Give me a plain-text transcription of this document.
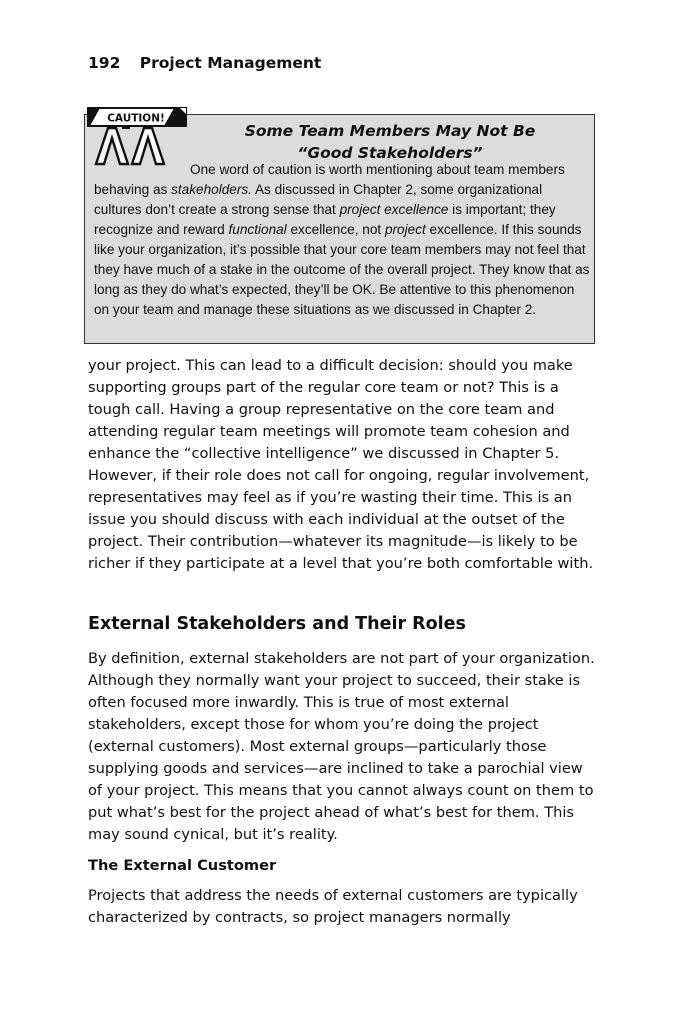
192 Project Management
CAUTION!
Some Team Members May Not Be
“Good Stakeholders”

One word of caution is worth mentioning about team members behaving as stakeholders. As discussed in Chapter 2, some organizational cultures don’t create a strong sense that project excellence is important; they recognize and reward functional excellence, not project excellence. If this sounds like your organization, it’s possible that your core team members may not feel that they have much of a stake in the outcome of the overall project. They know that as long as they do what’s expected, they’ll be OK. Be attentive to this phenomenon on your team and manage these situations as we discussed in Chapter 2.

your project. This can lead to a difficult decision: should you make supporting groups part of the regular core team or not? This is a tough call. Having a group representative on the core team and attending regular team meetings will promote team cohesion and enhance the “collective intelligence” we discussed in Chapter 5. However, if their role does not call for ongoing, regular involvement, representatives may feel as if you’re wasting their time. This is an issue you should discuss with each individual at the outset of the project. Their contribution—whatever its magnitude—is likely to be richer if they participate at a level that you’re both comfortable with.

External Stakeholders and Their Roles

By definition, external stakeholders are not part of your organization. Although they normally want your project to succeed, their stake is often focused more inwardly. This is true of most external stakeholders, except those for whom you’re doing the project (external customers). Most external groups—particularly those supplying goods and services—are inclined to take a parochial view of your project. This means that you cannot always count on them to put what’s best for the project ahead of what’s best for them. This may sound cynical, but it’s reality.

The External Customer

Projects that address the needs of external customers are typically characterized by contracts, so project managers normally
